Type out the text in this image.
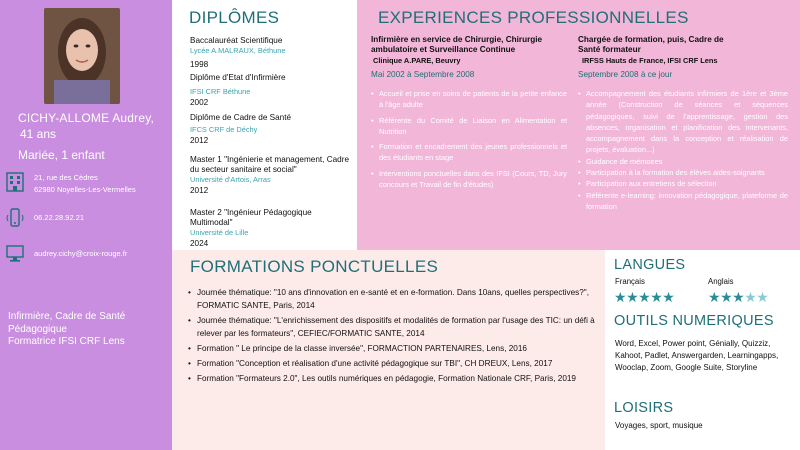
CICHY-ALLOME Audrey,
41 ans
Mariée, 1 enfant
21, rue des Cèdres
62980 Noyelles-Les-Vermelles
06.22.28.92.21
audrey.cichy@croix-rouge.fr
Infirmière, Cadre de Santé
Pédagogique
Formatrice IFSI CRF Lens
DIPLÔMES
Baccalauréat Scientifique
Lycée A.MALRAUX, Béthune
1998
Diplôme d'Etat d'Infirmière
IFSI CRF Béthune
2002
Diplôme de Cadre de Santé
IFCS CRF de Déchy
2012
Master 1 "Ingénierie et management, Cadre du secteur sanitaire et social"
Université d'Artois, Arras
2012
Master 2 "Ingénieur Pédagogique Multimodal"
Université de Lille
2024
EXPERIENCES PROFESSIONNELLES
Infirmière en service de Chirurgie, Chirurgie ambulatoire et Surveillance Continue
Clinique A.PARE, Beuvry
Mai 2002 à Septembre 2008
• Accueil et prise en soins de patients de la petite enfance à l'âge adulte
• Référente du Comité de Liaison en Alimentation et Nutrition
• Formation et encadrement des jeunes professionnels et des étudiants en stage
• Interventions ponctuelles dans des IFSI (Cours, TD, Jury concours et Travail de fin d'études)
Chargée de formation, puis, Cadre de Santé formateur
IRFSS Hauts de France, IFSI CRF Lens
Septembre 2008 à ce jour
• Accompagnement des étudiants infirmiers de 1ère et 3ème année (Construction de séances et séquences pédagogiques, suivi de l'apprentissage, gestion des absences, organisation et planification des intervenants, accompagnement dans la conception et réalisation de projets, évaluation...)
• Guidance de mémoires
• Participation à la formation des élèves aides-soignants
• Participation aux entretiens de sélection
• Référente e-learning: innovation pédagogique, plateforme de formation
FORMATIONS PONCTUELLES
• Journée thématique: "10 ans d'innovation en e-santé et en e-formation. Dans 10ans, quelles perspectives?", FORMATIC SANTE, Paris, 2014
• Journée thématique: "L'enrichissement des dispositifs et modalités de formation par l'usage des TIC: un défi à relever par les formateurs", CEFIEC/FORMATIC SANTE, 2014
• Formation " Le principe de la classe inversée", FORMACTION PARTENAIRES, Lens, 2016
• Formation "Conception et réalisation d'une activité pédagogique sur TBI", CH DREUX, Lens, 2017
• Formation "Formateurs 2.0", Les outils numériques en pédagogie, Formation Nationale CRF, Paris, 2019
LANGUES
Français	Anglais
★★★★★ ★★★★★
OUTILS NUMERIQUES
Word, Excel, Power point, Génially, Quizziz, Kahoot, Padlet, Answergarden, Learningapps, Wooclap, Zoom, Google Suite, Storyline
LOISIRS
Voyages, sport, musique
